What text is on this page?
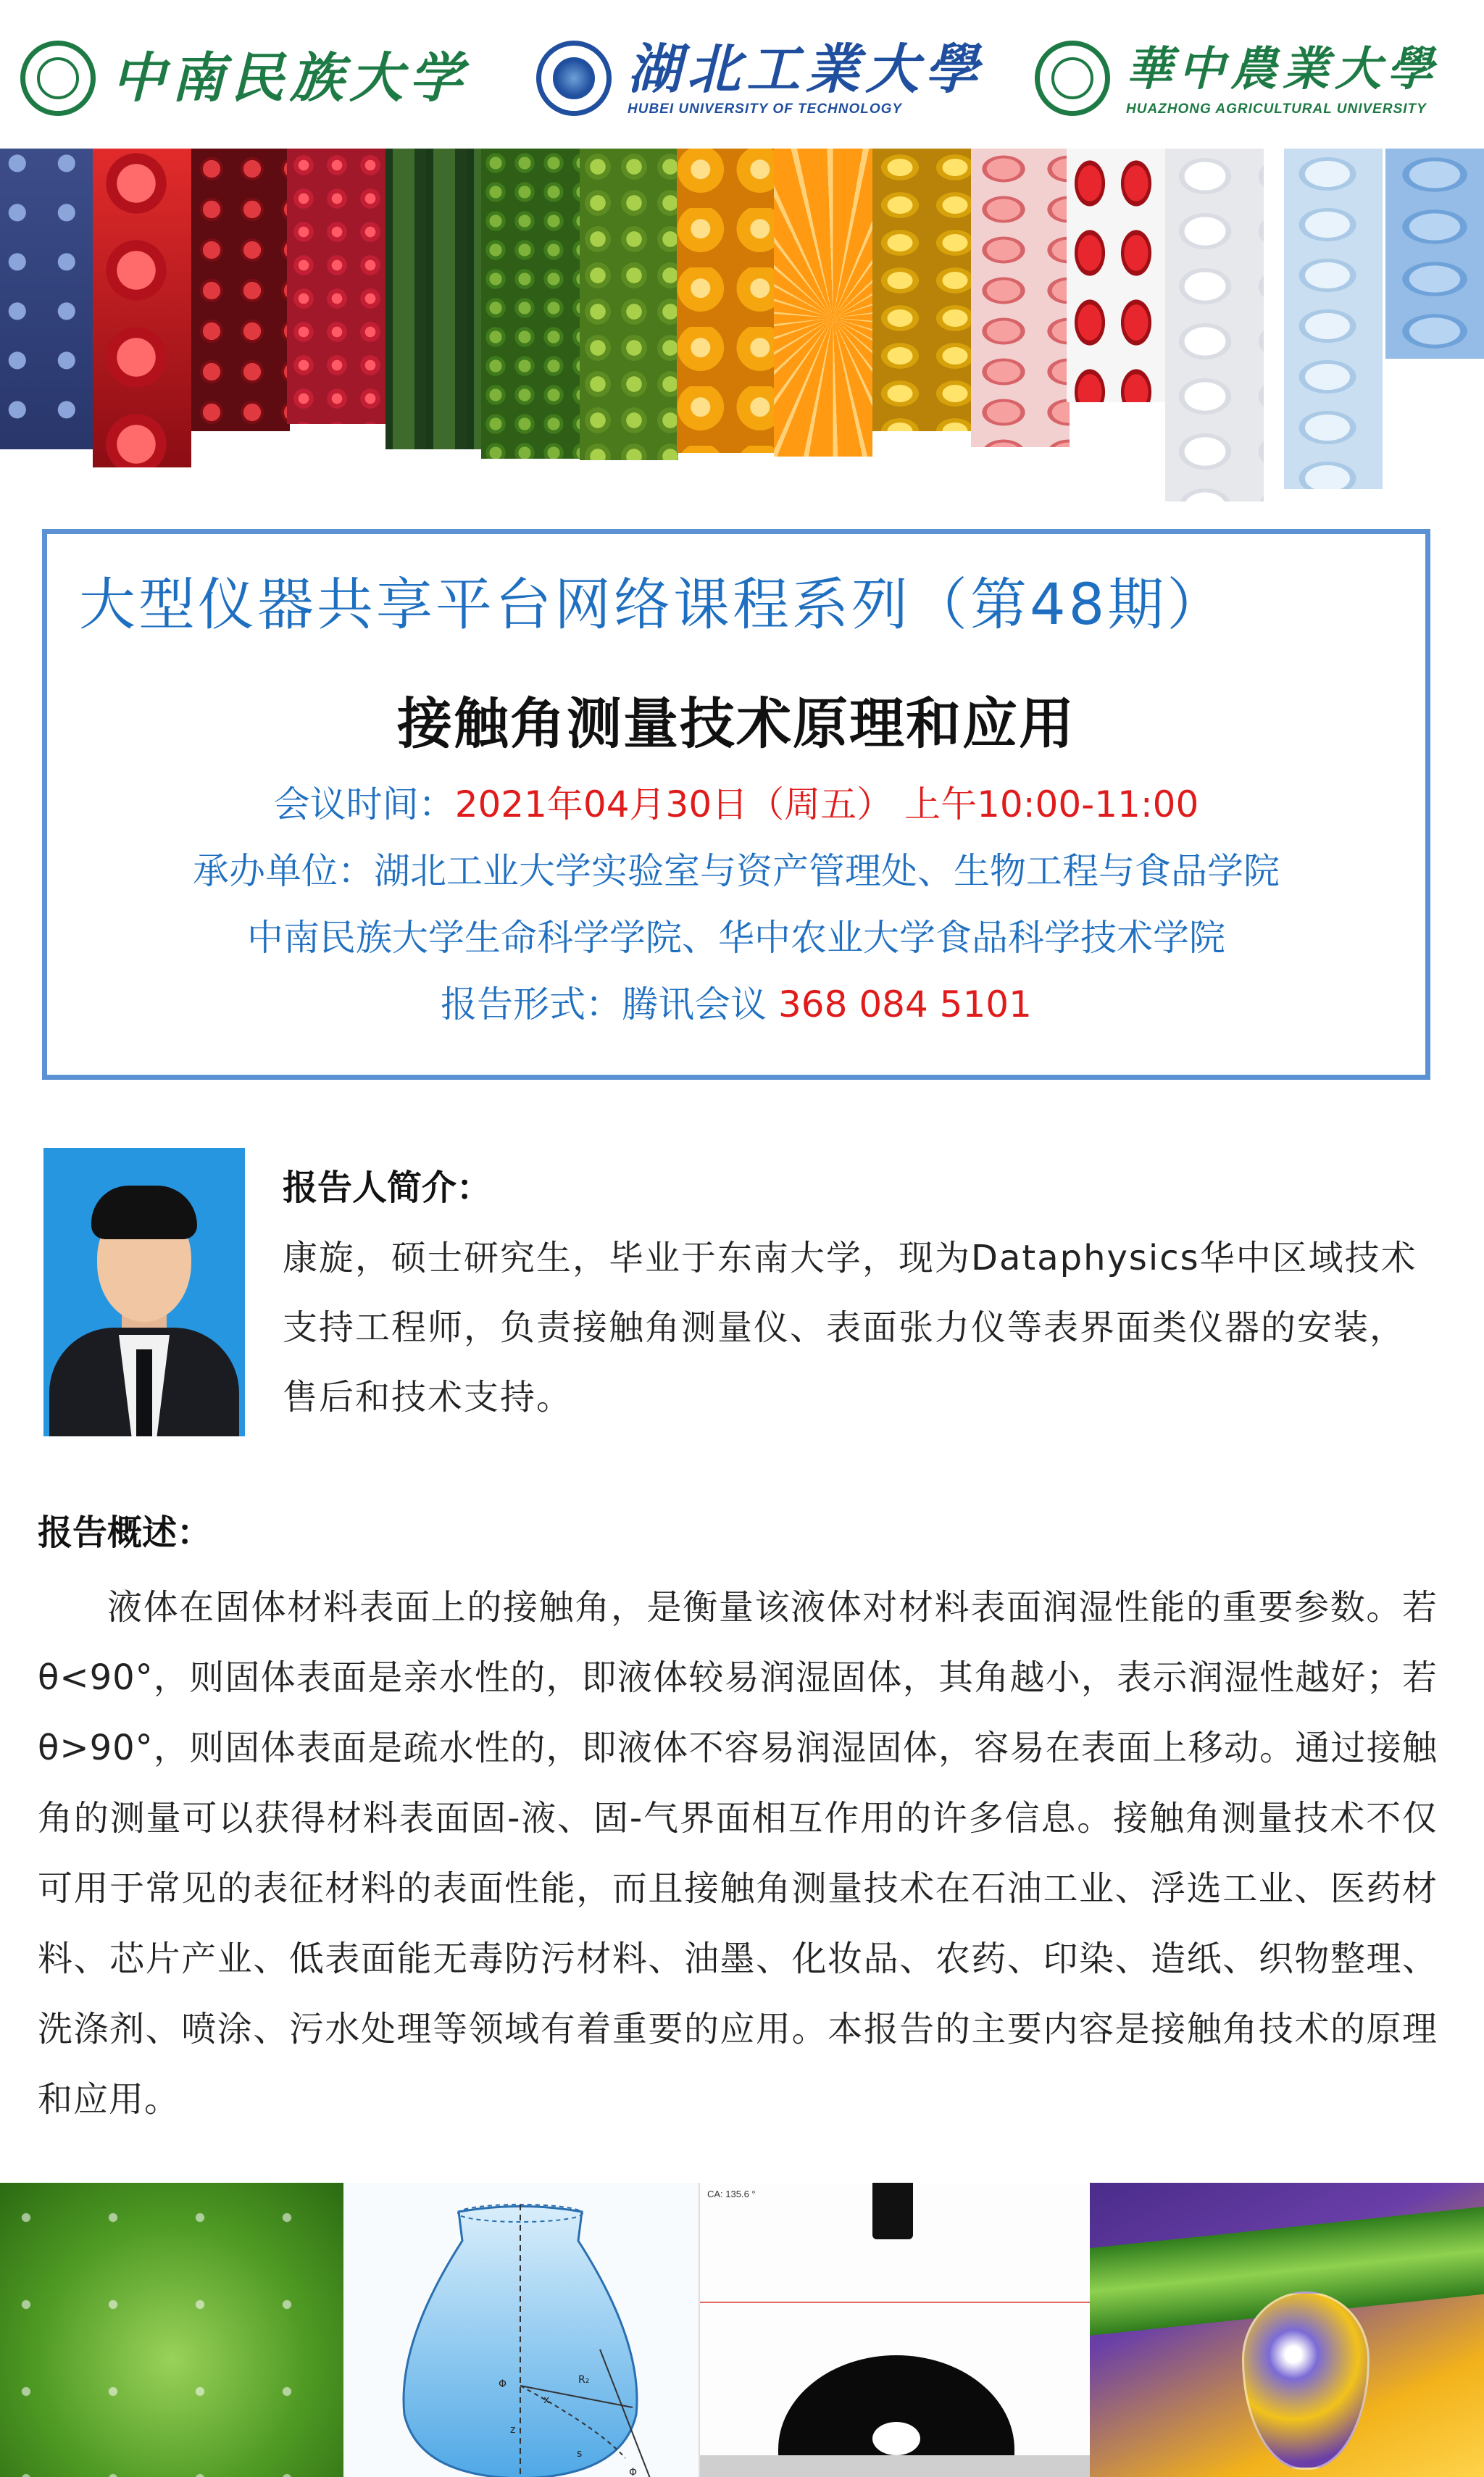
中南民族大学	湖北工業大學
HUBEI UNIVERSITY OF TECHNOLOGY
華中農業大學
HUAZHONG AGRICULTURAL UNIVERSITY
大型仪器共享平台网络课程系列（第48期）
接触角测量技术原理和应用
会议时间：2021年04月30日（周五） 上午10:00-11:00
承办单位：湖北工业大学实验室与资产管理处、生物工程与食品学院
中南民族大学生命科学学院、华中农业大学食品科学技术学院
报告形式：腾讯会议 368 084 5101
报告人简介：
康旋，硕士研究生，毕业于东南大学，现为Dataphysics华中区域技术支持工程师，负责接触角测量仪、表面张力仪等表界面类仪器的安装，售后和技术支持。
报告概述：
液体在固体材料表面上的接触角，是衡量该液体对材料表面润湿性能的重要参数。若θ<90°，则固体表面是亲水性的，即液体较易润湿固体，其角越小，表示润湿性越好；若θ>90°，则固体表面是疏水性的，即液体不容易润湿固体，容易在表面上移动。通过接触角的测量可以获得材料表面固-液、固-气界面相互作用的许多信息。接触角测量技术不仅可用于常见的表征材料的表面性能，而且接触角测量技术在石油工业、浮选工业、医药材料、芯片产业、低表面能无毒防污材料、油墨、化妆品、农药、印染、造纸、织物整理、洗涤剂、喷涂、污水处理等领域有着重要的应用。本报告的主要内容是接触角技术的原理和应用。
Φ	R₂
x
z
s
Φ
CA: 135.6 °
